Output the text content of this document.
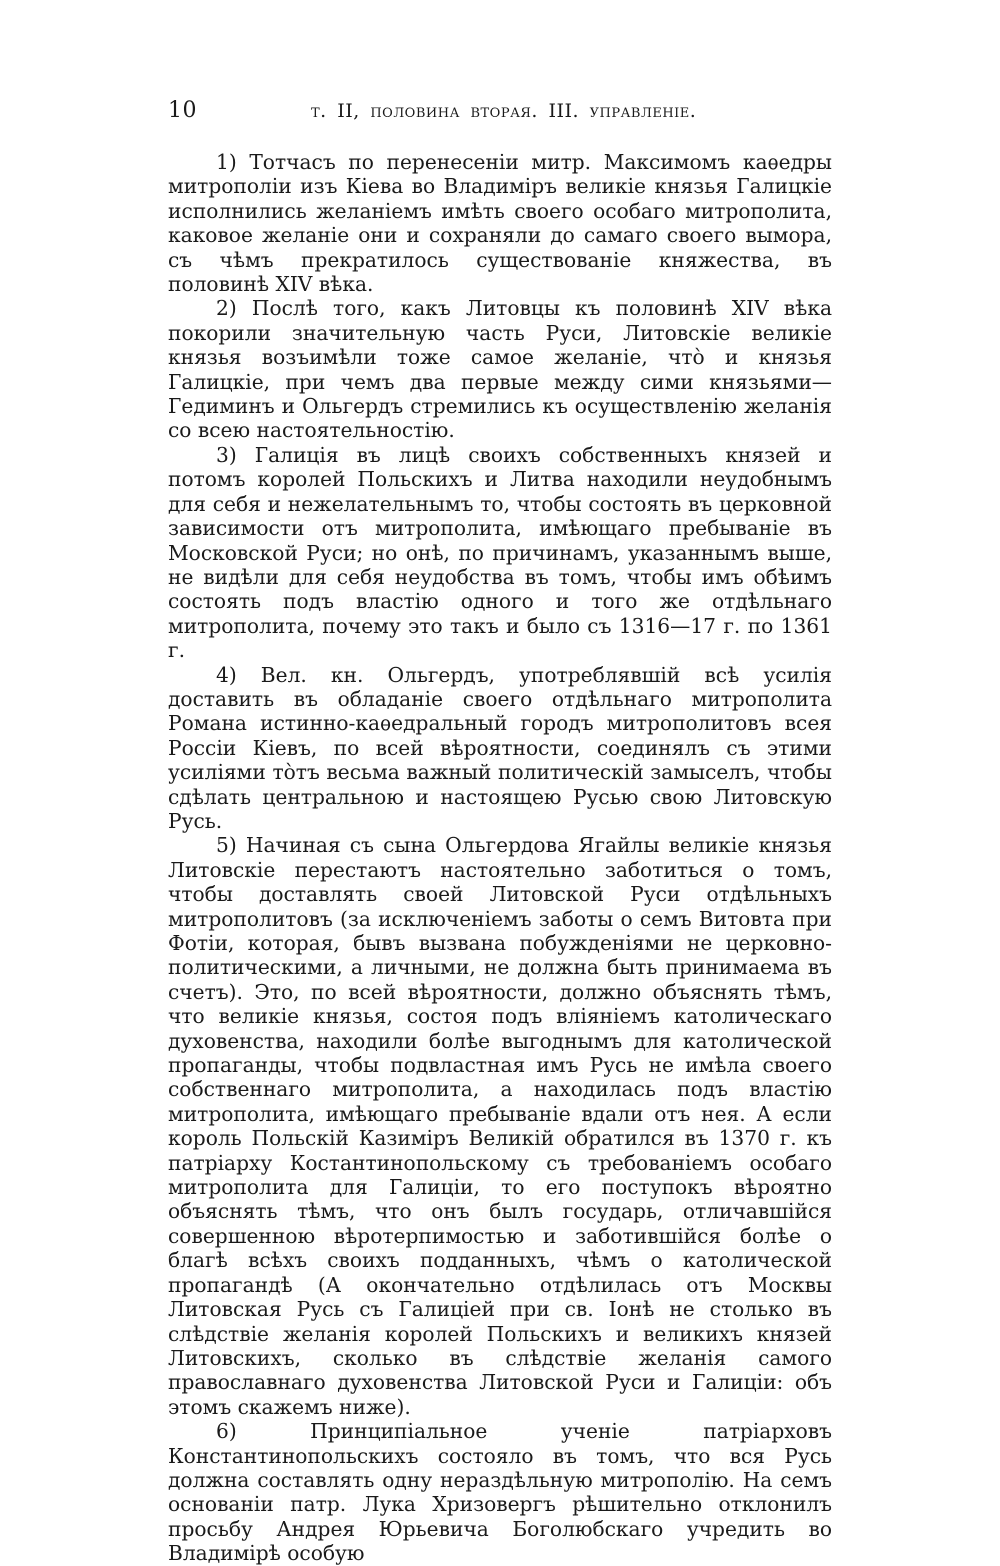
10	т. II, половина вторая. III. управленіе.

1) Тотчасъ по перенесеніи митр. Максимомъ каѳедры митрополіи изъ Кіева во Владиміръ великіе князья Галицкіе исполнились желаніемъ имѣть своего особаго митрополита, каковое желаніе они и сохраняли до самаго своего вымора, съ чѣмъ прекратилось существованіе княжества, въ половинѣ XIV вѣка.

2) Послѣ того, какъ Литовцы къ половинѣ XIV вѣка покорили значительную часть Руси, Литовскіе великіе князья возъимѣли тоже самое желаніе, что̀ и князья Галицкіе, при чемъ два первые между сими князьями—Гедиминъ и Ольгердъ стремились къ осуществленію желанія со всею настоятельностію.

3) Галиція въ лицѣ своихъ собственныхъ князей и потомъ королей Польскихъ и Литва находили неудобнымъ для себя и нежелательнымъ то, чтобы состоять въ церковной зависимости отъ митрополита, имѣющаго пребываніе въ Московской Руси; но онѣ, по причинамъ, указаннымъ выше, не видѣли для себя неудобства въ томъ, чтобы имъ обѣимъ состоять подъ властію одного и того же отдѣльнаго митрополита, почему это такъ и было съ 1316—17 г. по 1361 г.

4) Вел. кн. Ольгердъ, употреблявшій всѣ усилія доставить въ обладаніе своего отдѣльнаго митрополита Романа истинно-каѳедральный городъ митрополитовъ всея Россіи Кіевъ, по всей вѣроятности, соединялъ съ этими усиліями то̀тъ весьма важный политическій замыселъ, чтобы сдѣлать центральною и настоящею Русью свою Литовскую Русь.

5) Начиная съ сына Ольгердова Ягайлы великіе князья Литовскіе перестаютъ настоятельно заботиться о томъ, чтобы доставлять своей Литовской Руси отдѣльныхъ митрополитовъ (за исключеніемъ заботы о семъ Витовта при Фотіи, которая, бывъ вызвана побужденіями не церковно-политическими, а личными, не должна быть принимаема въ счетъ). Это, по всей вѣроятности, должно объяснять тѣмъ, что великіе князья, состоя подъ вліяніемъ католическаго духовенства, находили болѣе выгоднымъ для католической пропаганды, чтобы подвластная имъ Русь не имѣла своего собственнаго митрополита, а находилась подъ властію митрополита, имѣющаго пребываніе вдали отъ нея. А если король Польскій Казиміръ Великій обратился въ 1370 г. къ патріарху Костантинопольскому съ требованіемъ особаго митрополита для Галиціи, то его поступокъ вѣроятно объяснять тѣмъ, что онъ былъ государь, отличавшійся совершенною вѣротерпимостью и заботившійся болѣе о благѣ всѣхъ своихъ подданныхъ, чѣмъ о католической пропагандѣ (А окончательно отдѣлилась отъ Москвы Литовская Русь съ Галиціей при св. Іонѣ не столько въ слѣдствіе желанія королей Польскихъ и великихъ князей Литовскихъ, сколько въ слѣдствіе желанія самого православнаго духовенства Литовской Руси и Галиціи: объ этомъ скажемъ ниже).

6) Принципіальное ученіе патріарховъ Константинопольскихъ состояло въ томъ, что вся Русь должна составлять одну нераздѣльную митрополію. На семъ основаніи патр. Лука Хризовергъ рѣшительно отклонилъ просьбу Андрея Юрьевича Боголюбскаго учредить во Владимірѣ особую
